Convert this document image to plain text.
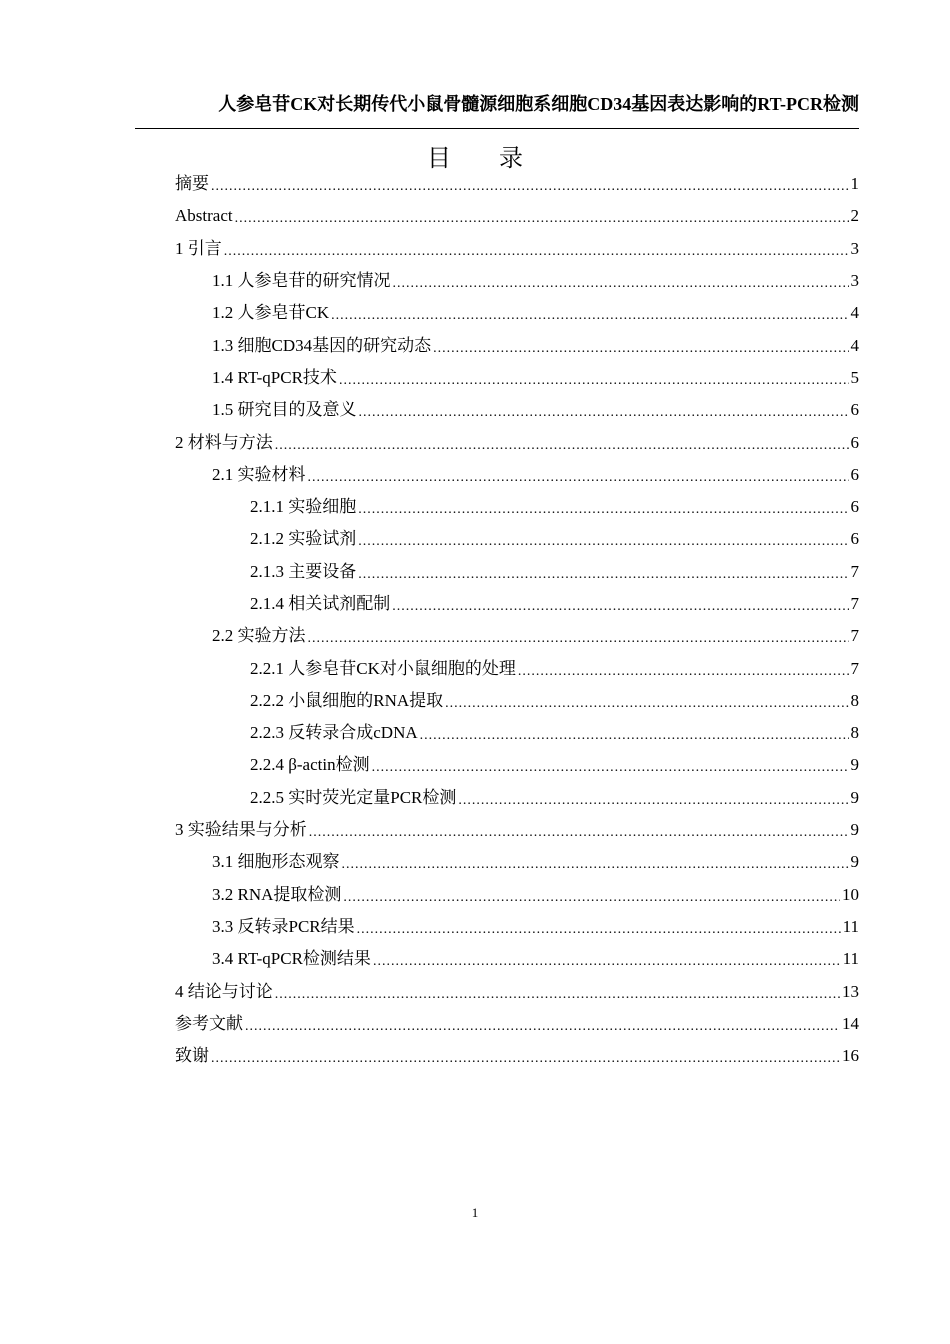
人参皂苷CK对长期传代小鼠骨髓源细胞系细胞CD34基因表达影响的RT-PCR检测
目 录
摘要 .....	1
Abstract .....	2
1 引言 .....	3
1.1 人参皂苷的研究情况 .....	3
1.2 人参皂苷CK .....	4
1.3 细胞CD34基因的研究动态 .....	4
1.4 RT-qPCR技术 .....	5
1.5 研究目的及意义 .....	6
2 材料与方法 .....	6
2.1 实验材料 .....	6
2.1.1 实验细胞 .....	6
2.1.2 实验试剂 .....	6
2.1.3 主要设备 .....	7
2.1.4 相关试剂配制 .....	7
2.2 实验方法 .....	7
2.2.1 人参皂苷CK对小鼠细胞的处理 .....	7
2.2.2 小鼠细胞的RNA提取 .....	8
2.2.3 反转录合成cDNA .....	8
2.2.4 β-actin检测 .....	9
2.2.5 实时荧光定量PCR检测 .....	9
3 实验结果与分析 .....	9
3.1 细胞形态观察 .....	9
3.2 RNA提取检测 .....	10
3.3 反转录PCR结果 .....	11
3.4 RT-qPCR检测结果 .....	11
4 结论与讨论 .....	13
参考文献 .....	14
致谢 .....	16
1
